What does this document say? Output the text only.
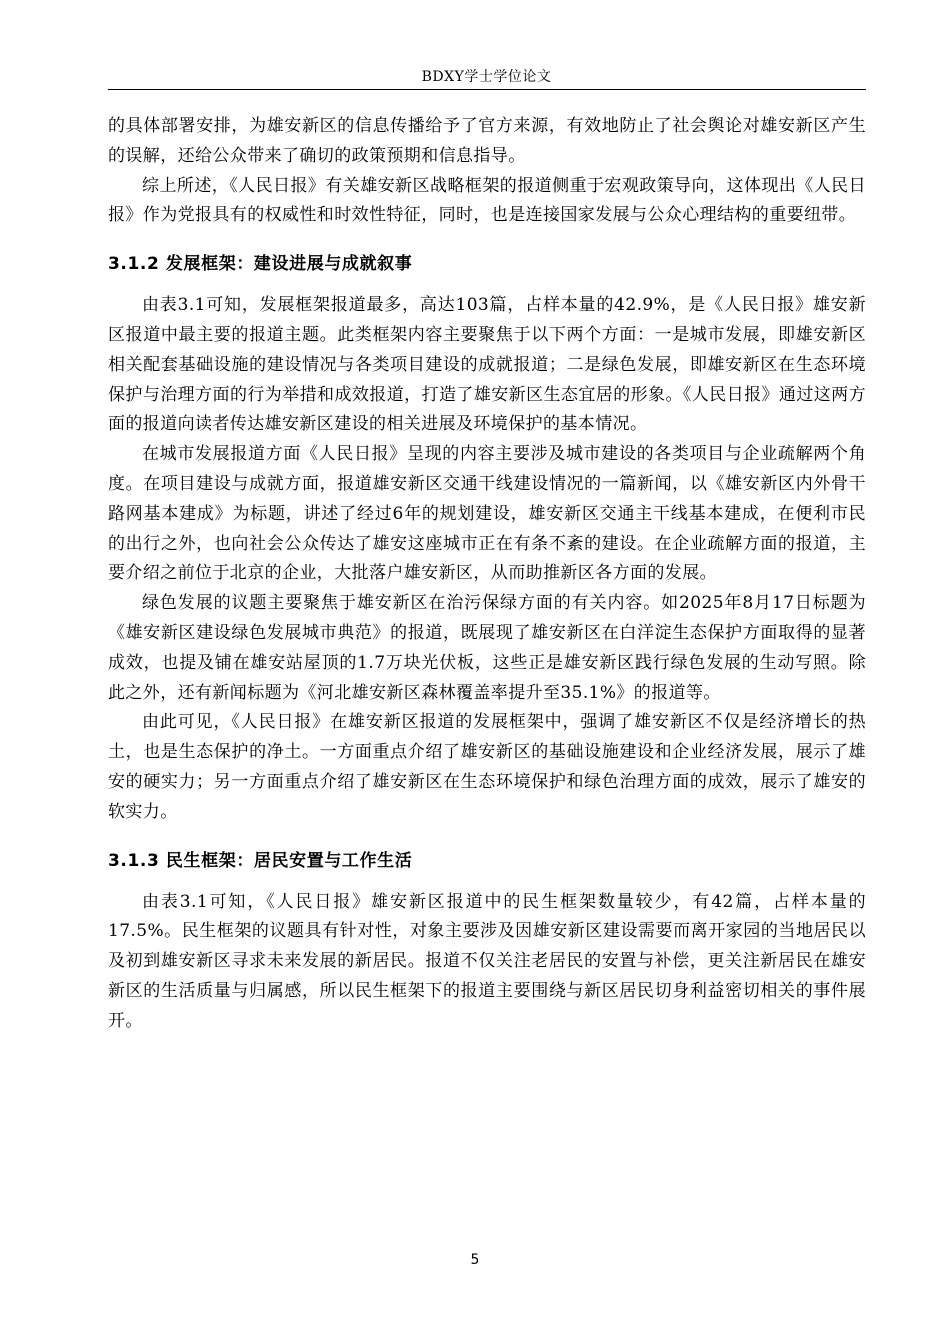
BDXY学士学位论文

的具体部署安排，为雄安新区的信息传播给予了官方来源，有效地防止了社会舆论对雄安新区产生的误解，还给公众带来了确切的政策预期和信息指导。

综上所述，《人民日报》有关雄安新区战略框架的报道侧重于宏观政策导向，这体现出《人民日报》作为党报具有的权威性和时效性特征，同时，也是连接国家发展与公众心理结构的重要纽带。

3.1.2 发展框架：建设进展与成就叙事

由表3.1可知，发展框架报道最多，高达103篇，占样本量的42.9%，是《人民日报》雄安新区报道中最主要的报道主题。此类框架内容主要聚焦于以下两个方面：一是城市发展，即雄安新区相关配套基础设施的建设情况与各类项目建设的成就报道；二是绿色发展，即雄安新区在生态环境保护与治理方面的行为举措和成效报道，打造了雄安新区生态宜居的形象。《人民日报》通过这两方面的报道向读者传达雄安新区建设的相关进展及环境保护的基本情况。

在城市发展报道方面《人民日报》呈现的内容主要涉及城市建设的各类项目与企业疏解两个角度。在项目建设与成就方面，报道雄安新区交通干线建设情况的一篇新闻，以《雄安新区内外骨干路网基本建成》为标题，讲述了经过6年的规划建设，雄安新区交通主干线基本建成，在便利市民的出行之外，也向社会公众传达了雄安这座城市正在有条不紊的建设。在企业疏解方面的报道，主要介绍之前位于北京的企业，大批落户雄安新区，从而助推新区各方面的发展。

绿色发展的议题主要聚焦于雄安新区在治污保绿方面的有关内容。如2025年8月17日标题为《雄安新区建设绿色发展城市典范》的报道，既展现了雄安新区在白洋淀生态保护方面取得的显著成效，也提及铺在雄安站屋顶的1.7万块光伏板，这些正是雄安新区践行绿色发展的生动写照。除此之外，还有新闻标题为《河北雄安新区森林覆盖率提升至35.1%》的报道等。

由此可见，《人民日报》在雄安新区报道的发展框架中，强调了雄安新区不仅是经济增长的热土，也是生态保护的净土。一方面重点介绍了雄安新区的基础设施建设和企业经济发展，展示了雄安的硬实力；另一方面重点介绍了雄安新区在生态环境保护和绿色治理方面的成效，展示了雄安的软实力。

3.1.3 民生框架：居民安置与工作生活

由表3.1可知，《人民日报》雄安新区报道中的民生框架数量较少，有42篇，占样本量的17.5%。民生框架的议题具有针对性，对象主要涉及因雄安新区建设需要而离开家园的当地居民以及初到雄安新区寻求未来发展的新居民。报道不仅关注老居民的安置与补偿，更关注新居民在雄安新区的生活质量与归属感，所以民生框架下的报道主要围绕与新区居民切身利益密切相关的事件展开。

5
